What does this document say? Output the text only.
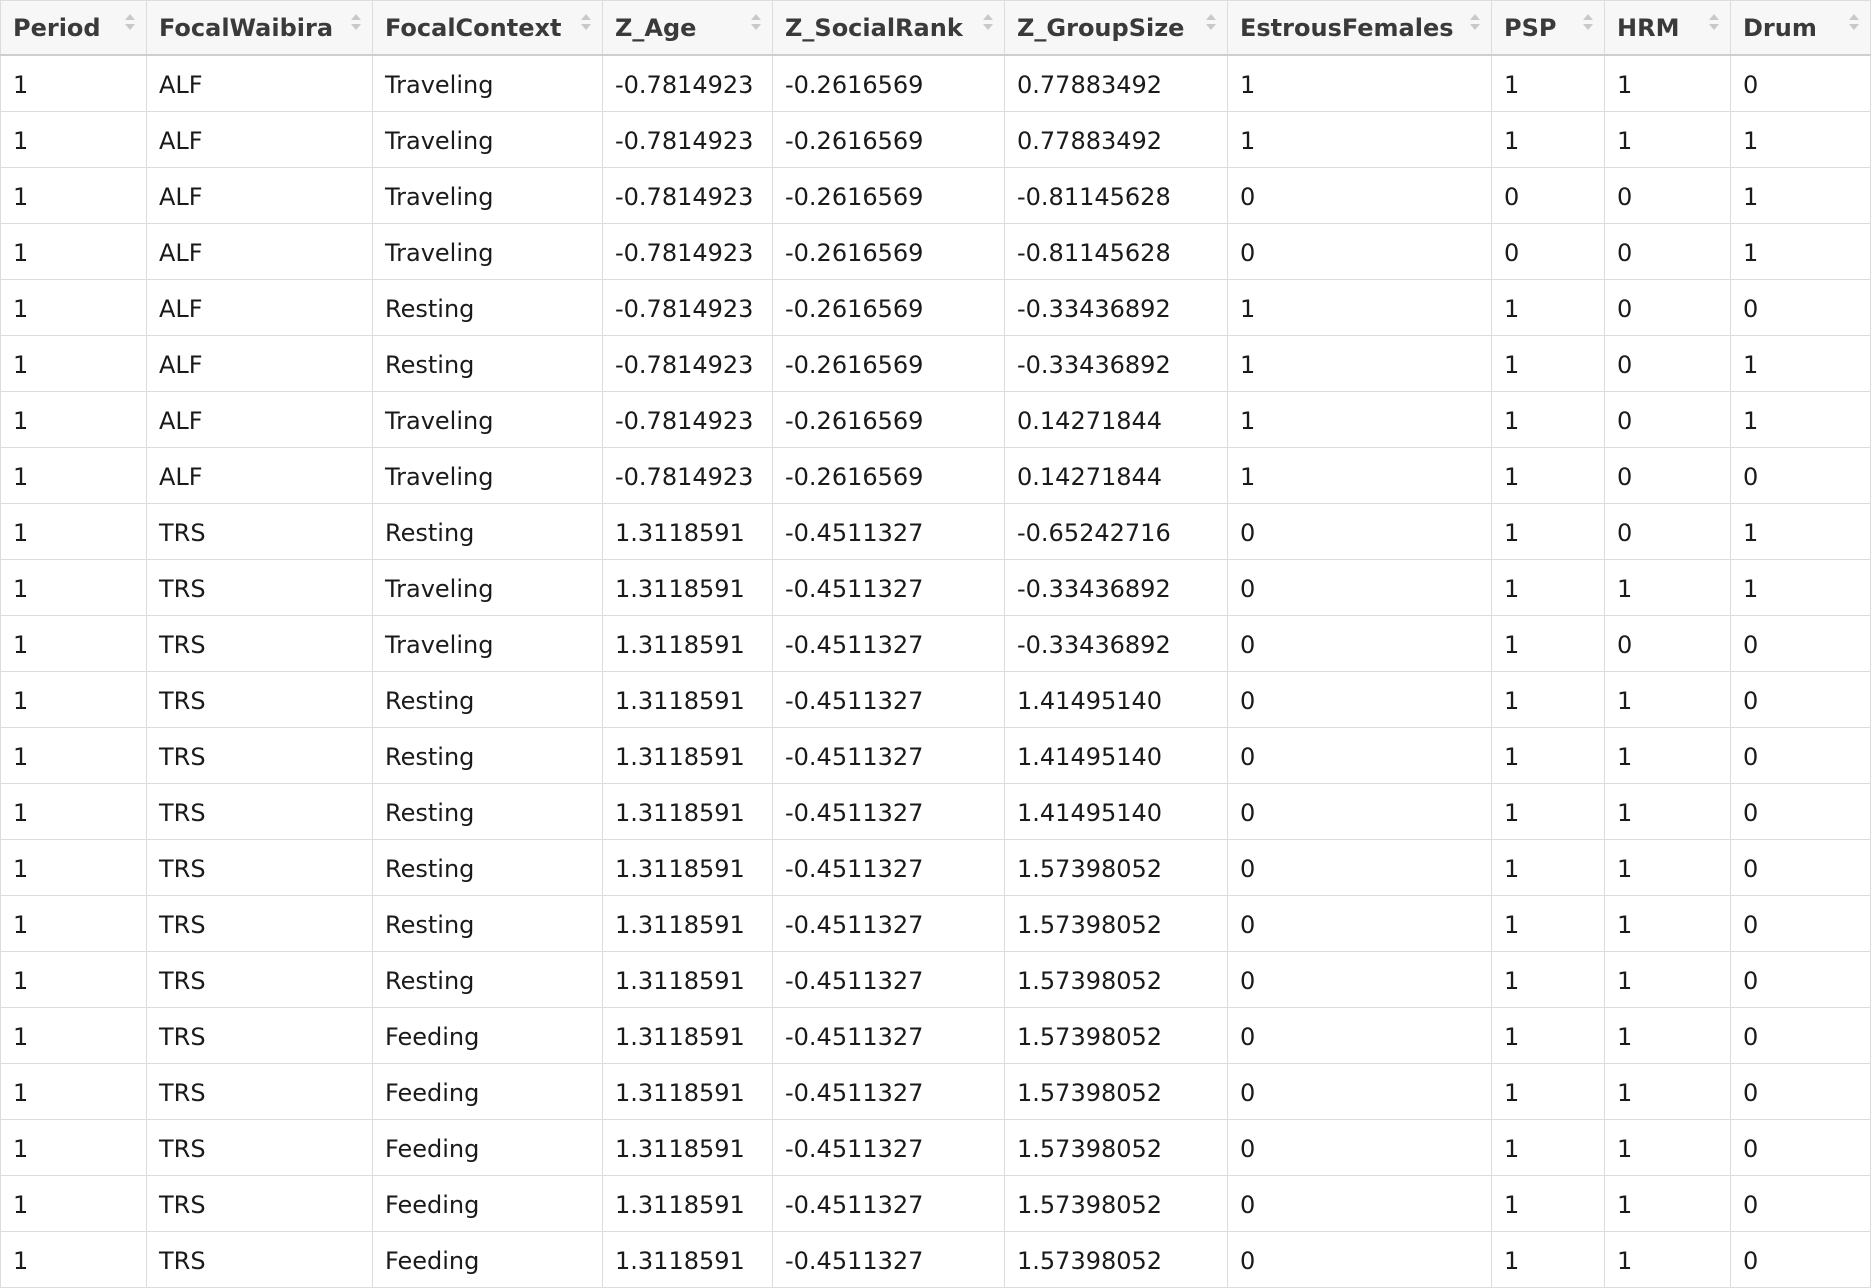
Period	FocalWaibira	FocalContext	Z_Age	Z_SocialRank	Z_GroupSize	EstrousFemales	PSP	HRM	Drum

1	ALF	Traveling	-0.7814923	-0.2616569	0.77883492	1	1	1	0
1	ALF	Traveling	-0.7814923	-0.2616569	0.77883492	1	1	1	1
1	ALF	Traveling	-0.7814923	-0.2616569	-0.81145628	0	0	0	1
1	ALF	Traveling	-0.7814923	-0.2616569	-0.81145628	0	0	0	1
1	ALF	Resting	-0.7814923	-0.2616569	-0.33436892	1	1	0	0
1	ALF	Resting	-0.7814923	-0.2616569	-0.33436892	1	1	0	1
1	ALF	Traveling	-0.7814923	-0.2616569	0.14271844	1	1	0	1
1	ALF	Traveling	-0.7814923	-0.2616569	0.14271844	1	1	0	0
1	TRS	Resting	1.3118591	-0.4511327	-0.65242716	0	1	0	1
1	TRS	Traveling	1.3118591	-0.4511327	-0.33436892	0	1	1	1
1	TRS	Traveling	1.3118591	-0.4511327	-0.33436892	0	1	0	0
1	TRS	Resting	1.3118591	-0.4511327	1.41495140	0	1	1	0
1	TRS	Resting	1.3118591	-0.4511327	1.41495140	0	1	1	0
1	TRS	Resting	1.3118591	-0.4511327	1.41495140	0	1	1	0
1	TRS	Resting	1.3118591	-0.4511327	1.57398052	0	1	1	0
1	TRS	Resting	1.3118591	-0.4511327	1.57398052	0	1	1	0
1	TRS	Resting	1.3118591	-0.4511327	1.57398052	0	1	1	0
1	TRS	Feeding	1.3118591	-0.4511327	1.57398052	0	1	1	0
1	TRS	Feeding	1.3118591	-0.4511327	1.57398052	0	1	1	0
1	TRS	Feeding	1.3118591	-0.4511327	1.57398052	0	1	1	0
1	TRS	Feeding	1.3118591	-0.4511327	1.57398052	0	1	1	0
1	TRS	Feeding	1.3118591	-0.4511327	1.57398052	0	1	1	0
